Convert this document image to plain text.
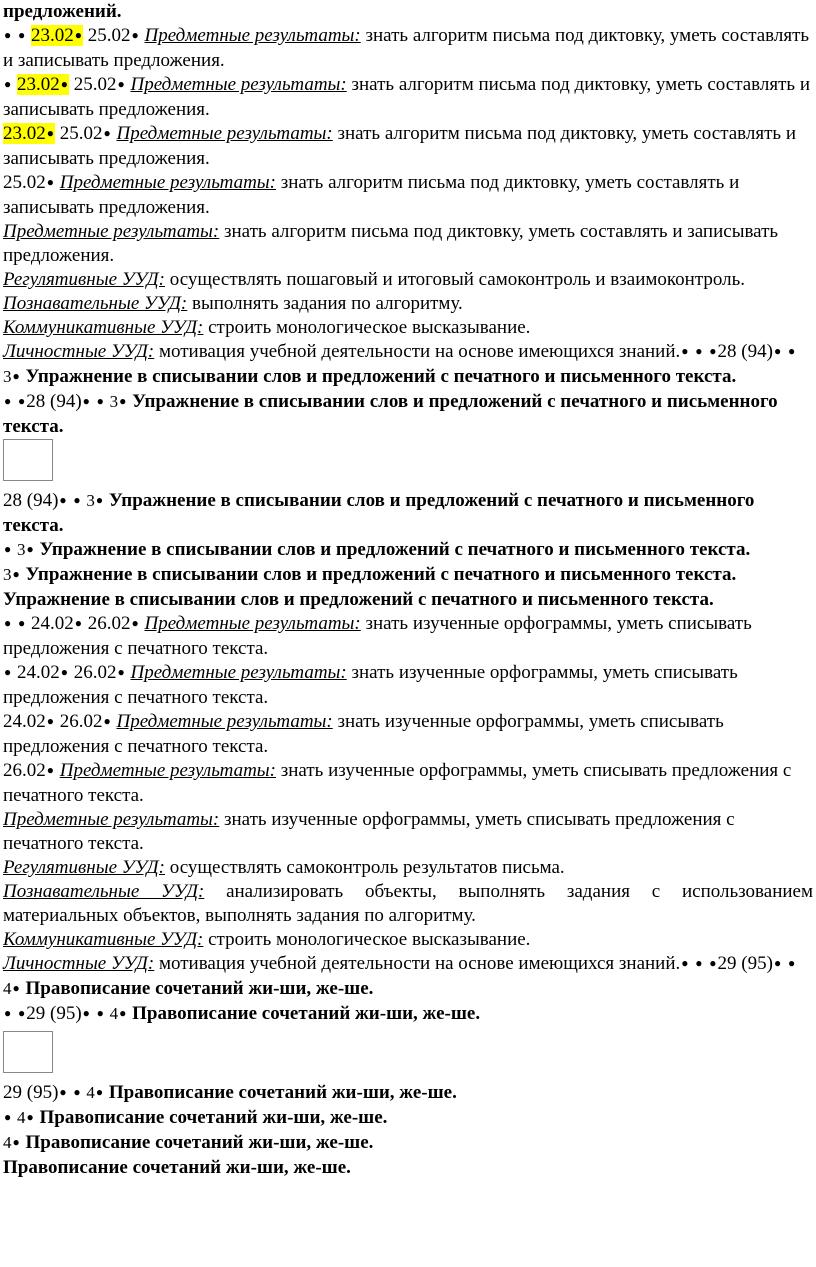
предложений.

● ● 23.02 ● 25.02 ● Предметные результаты: знать алгоритм письма под диктовку, уметь составлять и записывать предложения.

● 23.02 ● 25.02 ● Предметные результаты: знать алгоритм письма под диктовку, уметь составлять и записывать предложения.

23.02 ● 25.02 ● Предметные результаты: знать алгоритм письма под диктовку, уметь составлять и записывать предложения.

25.02 ● Предметные результаты: знать алгоритм письма под диктовку, уметь составлять и записывать предложения.

Предметные результаты: знать алгоритм письма под диктовку, уметь составлять и записывать предложения.

Регулятивные УУД: осуществлять пошаговый и итоговый самоконтроль и взаимоконтроль.

Познавательные УУД: выполнять задания по алгоритму.

Коммуникативные УУД: строить монологическое высказывание.

Личностные УУД: мотивация учебной деятельности на основе имеющихся знаний. ● ● ● 28 (94)● ● 3 ● Упражнение в списывании слов и предложений с печатного и письменного текста.

● ● 28 (94) ● ● 3 ● Упражнение в списывании слов и предложений с печатного и письменного текста.

28 (94) ● ● 3 ● Упражнение в списывании слов и предложений с печатного и письменного текста.

● 3 ● Упражнение в списывании слов и предложений с печатного и письменного текста.

3 ● Упражнение в списывании слов и предложений с печатного и письменного текста.

Упражнение в списывании слов и предложений с печатного и письменного текста.

● ● 24.02 ● 26.02 ● Предметные результаты: знать изученные орфограммы, уметь списывать предложения с печатного текста.

● 24.02 ● 26.02 ● Предметные результаты: знать изученные орфограммы, уметь списывать предложения с печатного текста.

24.02 ● 26.02 ● Предметные результаты: знать изученные орфограммы, уметь списывать предложения с печатного текста.

26.02 ● Предметные результаты: знать изученные орфограммы, уметь списывать предложения с печатного текста.

Предметные результаты: знать изученные орфограммы, уметь списывать предложения с печатного текста.

Регулятивные УУД: осуществлять самоконтроль результатов письма.

Познавательные УУД: анализировать объекты, выполнять задания с использованием материальных объектов, выполнять задания по алгоритму.

Коммуникативные УУД: строить монологическое высказывание.

Личностные УУД: мотивация учебной деятельности на основе имеющихся знаний. ● ● ● 29 (95)● ● 4 ● Правописание сочетаний жи-ши, же-ше.

● ● 29 (95) ● ● 4 ● Правописание сочетаний жи-ши, же-ше.

29 (95) ● ● 4 ● Правописание сочетаний жи-ши, же-ше.

● 4 ● Правописание сочетаний жи-ши, же-ше.

4 ● Правописание сочетаний жи-ши, же-ше.

Правописание сочетаний жи-ши, же-ше.
